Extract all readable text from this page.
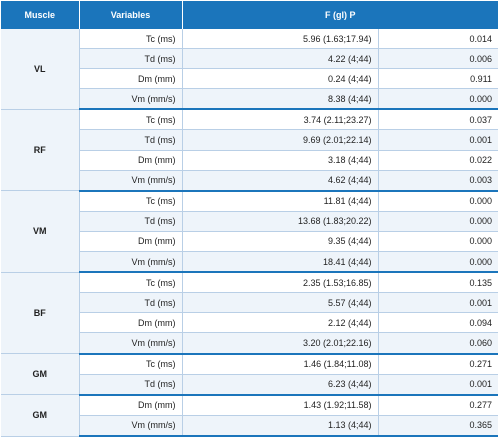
Muscle	Variables	F (gl) P	
VL	Tc (ms)	5.96 (1.63;17.94)	0.014
	Td (ms)	4.22 (4;44)	0.006
	Dm (mm)	0.24 (4;44)	0.911
	Vm (mm/s)	8.38 (4;44)	0.000
RF	Tc (ms)	3.74 (2.11;23.27)	0.037
	Td (ms)	9.69 (2.01;22.14)	0.001
	Dm (mm)	3.18 (4;44)	0.022
	Vm (mm/s)	4.62 (4;44)	0.003
VM	Tc (ms)	11.81 (4;44)	0.000
	Td (ms)	13.68 (1.83;20.22)	0.000
	Dm (mm)	9.35 (4;44)	0.000
	Vm (mm/s)	18.41 (4;44)	0.000
BF	Tc (ms)	2.35 (1.53;16.85)	0.135
	Td (ms)	5.57 (4;44)	0.001
	Dm (mm)	2.12 (4;44)	0.094
	Vm (mm/s)	3.20 (2.01;22.16)	0.060
GM	Tc (ms)	1.46 (1.84;11.08)	0.271
	Td (ms)	6.23 (4;44)	0.001
GM	Dm (mm)	1.43 (1.92;11.58)	0.277
	Vm (mm/s)	1.13 (4;44)	0.365
